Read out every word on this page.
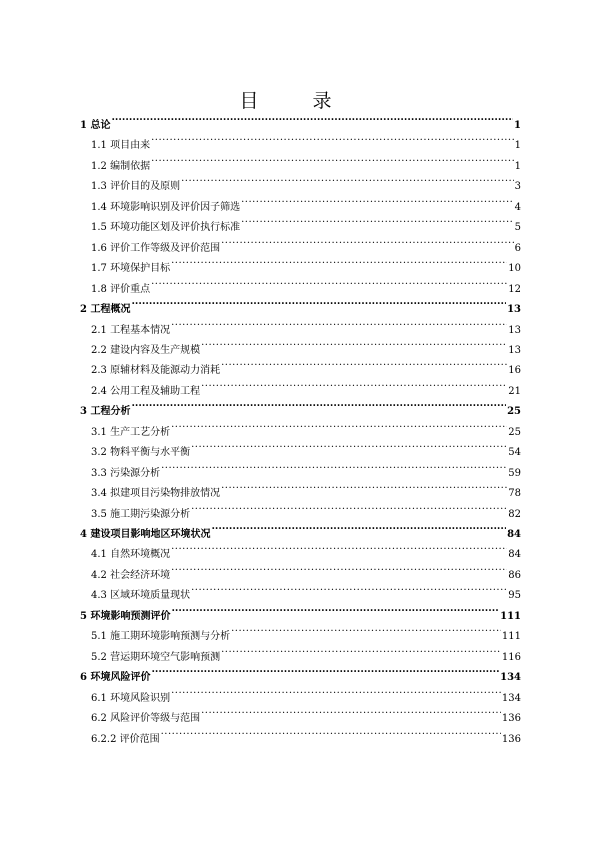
目 录
1 总论 .....	1
1.1 项目由来 .....	1
1.2 编制依据 .....	1
1.3 评价目的及原则 .....	3
1.4 环境影响识别及评价因子筛选 .....	4
1.5 环境功能区划及评价执行标准 .....	5
1.6 评价工作等级及评价范围 .....	6
1.7 环境保护目标 .....	10
1.8 评价重点 .....	12
2 工程概况 .....	13
2.1 工程基本情况 .....	13
2.2 建设内容及生产规模 .....	13
2.3 原辅材料及能源动力消耗 .....	16
2.4 公用工程及辅助工程 .....	21
3 工程分析 .....	25
3.1 生产工艺分析 .....	25
3.2 物料平衡与水平衡 .....	54
3.3 污染源分析 .....	59
3.4 拟建项目污染物排放情况 .....	78
3.5 施工期污染源分析 .....	82
4 建设项目影响地区环境状况 .....	84
4.1 自然环境概况 .....	84
4.2 社会经济环境 .....	86
4.3 区域环境质量现状 .....	95
5 环境影响预测评价 .....	111
5.1 施工期环境影响预测与分析 .....	111
5.2 营运期环境空气影响预测 .....	116
6 环境风险评价 .....	134
6.1 环境风险识别 .....	134
6.2 风险评价等级与范围 .....	136
6.2.2 评价范围 .....	136
